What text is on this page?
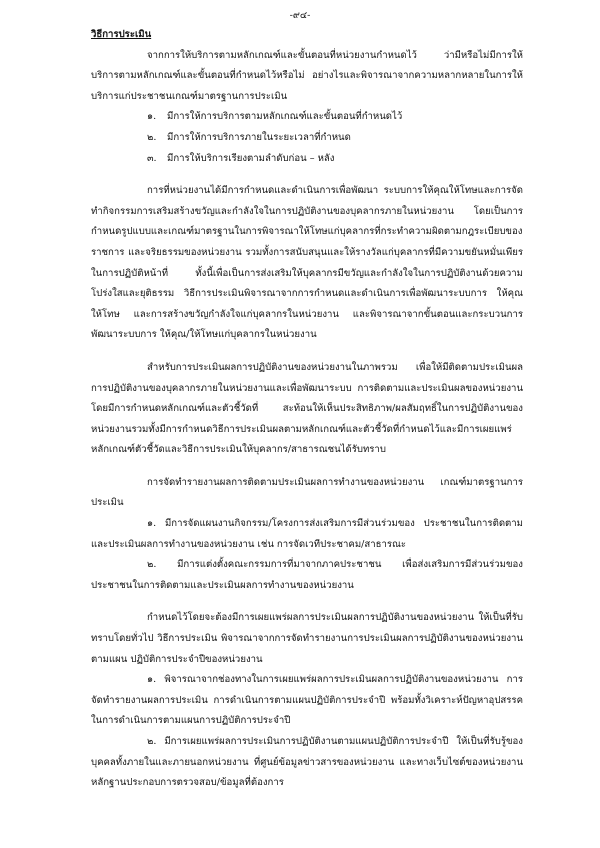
-๙๔-

วิธีการประเมิน

จากการให้บริการตามหลักเกณฑ์และขั้นตอนที่หน่วยงานกำหนดไว้ ว่ามีหรือไม่มีการให้บริการตามหลักเกณฑ์และขั้นตอนที่กำหนดไว้หรือไม่ อย่างไรและพิจารณาจากความหลากหลายในการให้บริการแก่ประชาชนเกณฑ์มาตรฐานการประเมิน

๑. มีการให้การบริการตามหลักเกณฑ์และขั้นตอนที่กำหนดไว้

๒. มีการให้การบริการภายในระยะเวลาที่กำหนด

๓. มีการให้บริการเรียงตามลำดับก่อน – หลัง

การที่หน่วยงานได้มีการกำหนดและดำเนินการเพื่อพัฒนา ระบบการให้คุณให้โทษและการจัดทำกิจกรรมการเสริมสร้างขวัญและกำลังใจในการปฏิบัติงานของบุคลากรภายในหน่วยงาน โดยเป็นการกำหนดรูปแบบและเกณฑ์มาตรฐานในการพิจารณาให้โทษแก่บุคลากรที่กระทำความผิดตามกฎระเบียบของราชการ และจริยธรรมของหน่วยงาน รวมทั้งการสนับสนุนและให้รางวัลแก่บุคลากรที่มีความขยันหมั่นเพียรในการปฏิบัติหน้าที่ ทั้งนี้เพื่อเป็นการส่งเสริมให้บุคลากรมีขวัญและกำลังใจในการปฏิบัติงานด้วยความโปร่งใสและยุติธรรม วิธีการประเมินพิจารณาจากการกำหนดและดำเนินการเพื่อพัฒนาระบบการ ให้คุณ ให้โทษ และการสร้างขวัญกำลังใจแก่บุคลากรในหน่วยงาน และพิจารณาจากขั้นตอนและกระบวนการพัฒนาระบบการ ให้คุณ/ให้โทษแก่บุคลากรในหน่วยงาน

สำหรับการประเมินผลการปฏิบัติงานของหน่วยงานในภาพรวม เพื่อให้มีติดตามประเมินผลการปฏิบัติงานของบุคลากรภายในหน่วยงานและเพื่อพัฒนาระบบ การติดตามและประเมินผลของหน่วยงานโดยมีการกำหนดหลักเกณฑ์และตัวชี้วัดที่ สะท้อนให้เห็นประสิทธิภาพ/ผลสัมฤทธิ์ในการปฏิบัติงานของหน่วยงานรวมทั้งมีการกำหนดวิธีการประเมินผลตามหลักเกณฑ์และตัวชี้วัดที่กำหนดไว้และมีการเผยแพร่ หลักเกณฑ์ตัวชี้วัดและวิธีการประเมินให้บุคลากร/สาธารณชนได้รับทราบ

การจัดทำรายงานผลการติดตามประเมินผลการทำงานของหน่วยงาน เกณฑ์มาตรฐานการประเมิน

๑. มีการจัดแผนงานกิจกรรม/โครงการส่งเสริมการมีส่วนร่วมของ ประชาชนในการติดตามและประเมินผลการทำงานของหน่วยงาน เช่น การจัดเวทีประชาคม/สาธารณะ

๒. มีการแต่งตั้งคณะกรรมการที่มาจากภาคประชาชน เพื่อส่งเสริมการมีส่วนร่วมของประชาชนในการติดตามและประเมินผลการทำงานของหน่วยงาน

กำหนดไว้โดยจะต้องมีการเผยแพร่ผลการประเมินผลการปฏิบัติงานของหน่วยงาน ให้เป็นที่รับทราบโดยทั่วไป วิธีการประเมิน พิจารณาจากการจัดทำรายงานการประเมินผลการปฏิบัติงานของหน่วยงานตามแผน ปฏิบัติการประจำปีของหน่วยงาน

๑. พิจารณาจากช่องทางในการเผยแพร่ผลการประเมินผลการปฏิบัติงานของหน่วยงาน การจัดทำรายงานผลการประเมิน การดำเนินการตามแผนปฏิบัติการประจำปี พร้อมทั้งวิเคราะห์ปัญหาอุปสรรคในการดำเนินการตามแผนการปฏิบัติการประจำปี

๒. มีการเผยแพร่ผลการประเมินการปฏิบัติงานตามแผนปฏิบัติการประจำปี ให้เป็นที่รับรู้ของบุคคลทั้งภายในและภายนอกหน่วยงาน ที่ศูนย์ข้อมูลข่าวสารของหน่วยงาน และทางเว็บไซต์ของหน่วยงาน หลักฐานประกอบการตรวจสอบ/ข้อมูลที่ต้องการ
